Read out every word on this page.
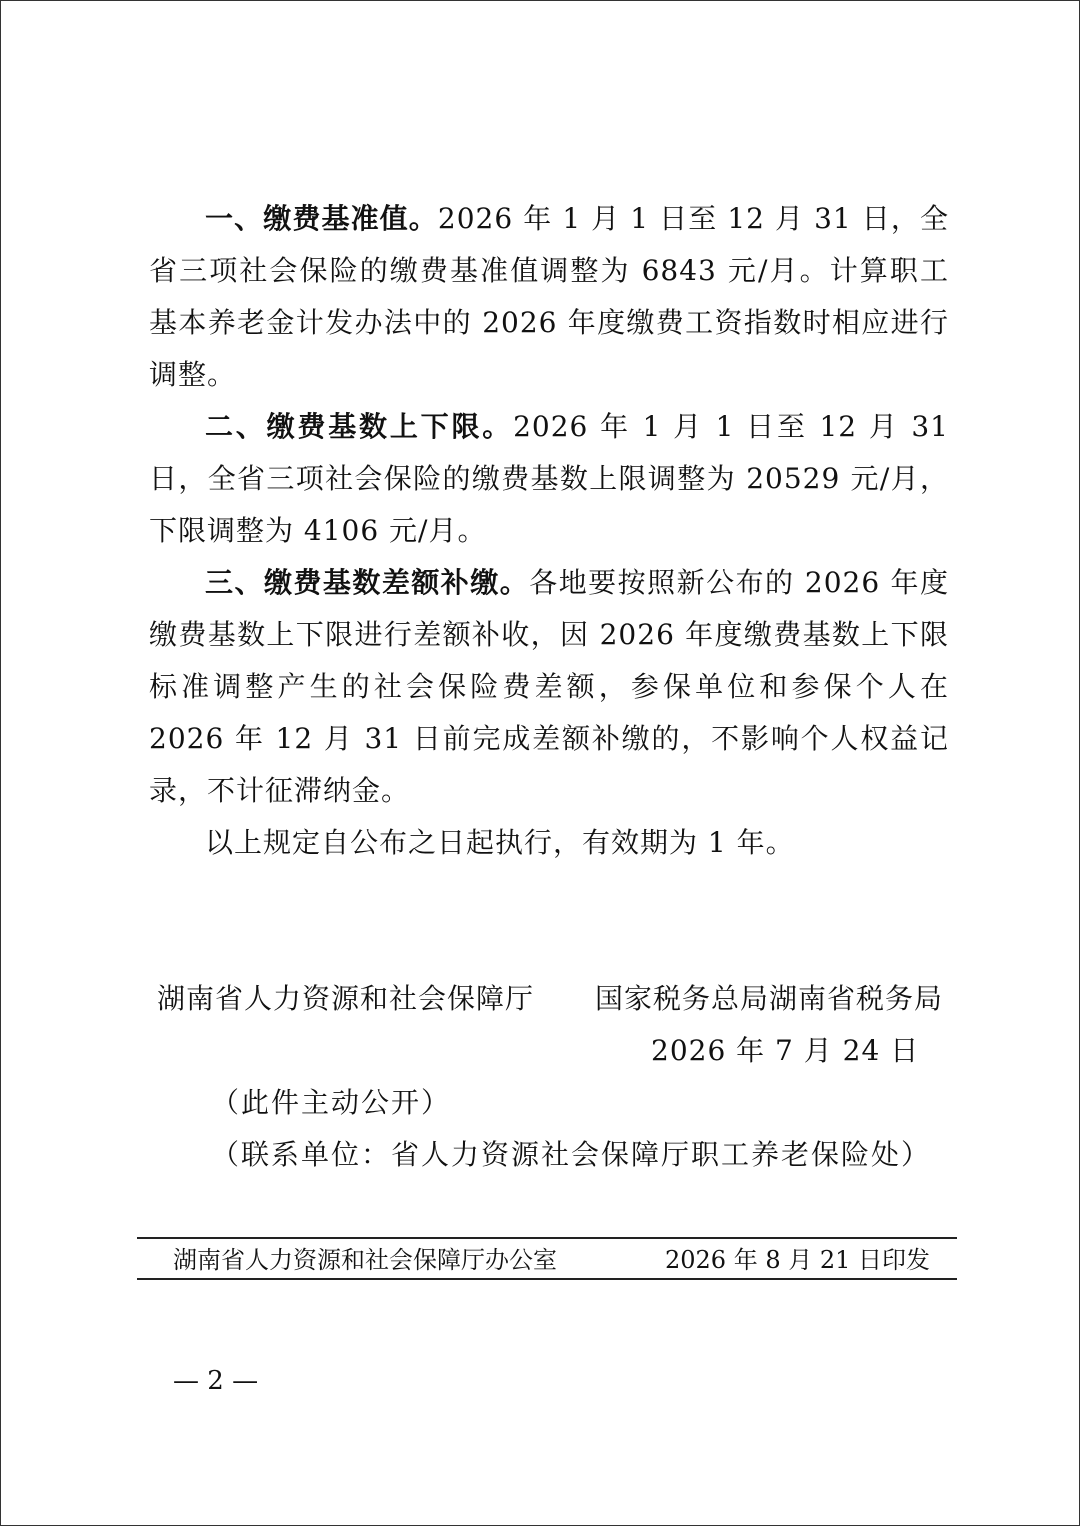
一、缴费基准值。2026 年 1 月 1 日至 12 月 31 日，全省三项社会保险的缴费基准值调整为 6843 元/月。计算职工基本养老金计发办法中的 2026 年度缴费工资指数时相应进行调整。

二、缴费基数上下限。2026 年 1 月 1 日至 12 月 31 日，全省三项社会保险的缴费基数上限调整为 20529 元/月，下限调整为 4106 元/月。

三、缴费基数差额补缴。各地要按照新公布的 2026 年度缴费基数上下限进行差额补收，因 2026 年度缴费基数上下限标准调整产生的社会保险费差额，参保单位和参保个人在 2026 年 12 月 31 日前完成差额补缴的，不影响个人权益记录，不计征滞纳金。

以上规定自公布之日起执行，有效期为 1 年。

湖南省人力资源和社会保障厅 国家税务总局湖南省税务局
2026 年 7 月 24 日
（此件主动公开）
（联系单位：省人力资源社会保障厅职工养老保险处）
湖南省人力资源和社会保障厅办公室	2026 年 8 月 21 日印发
— 2 —
